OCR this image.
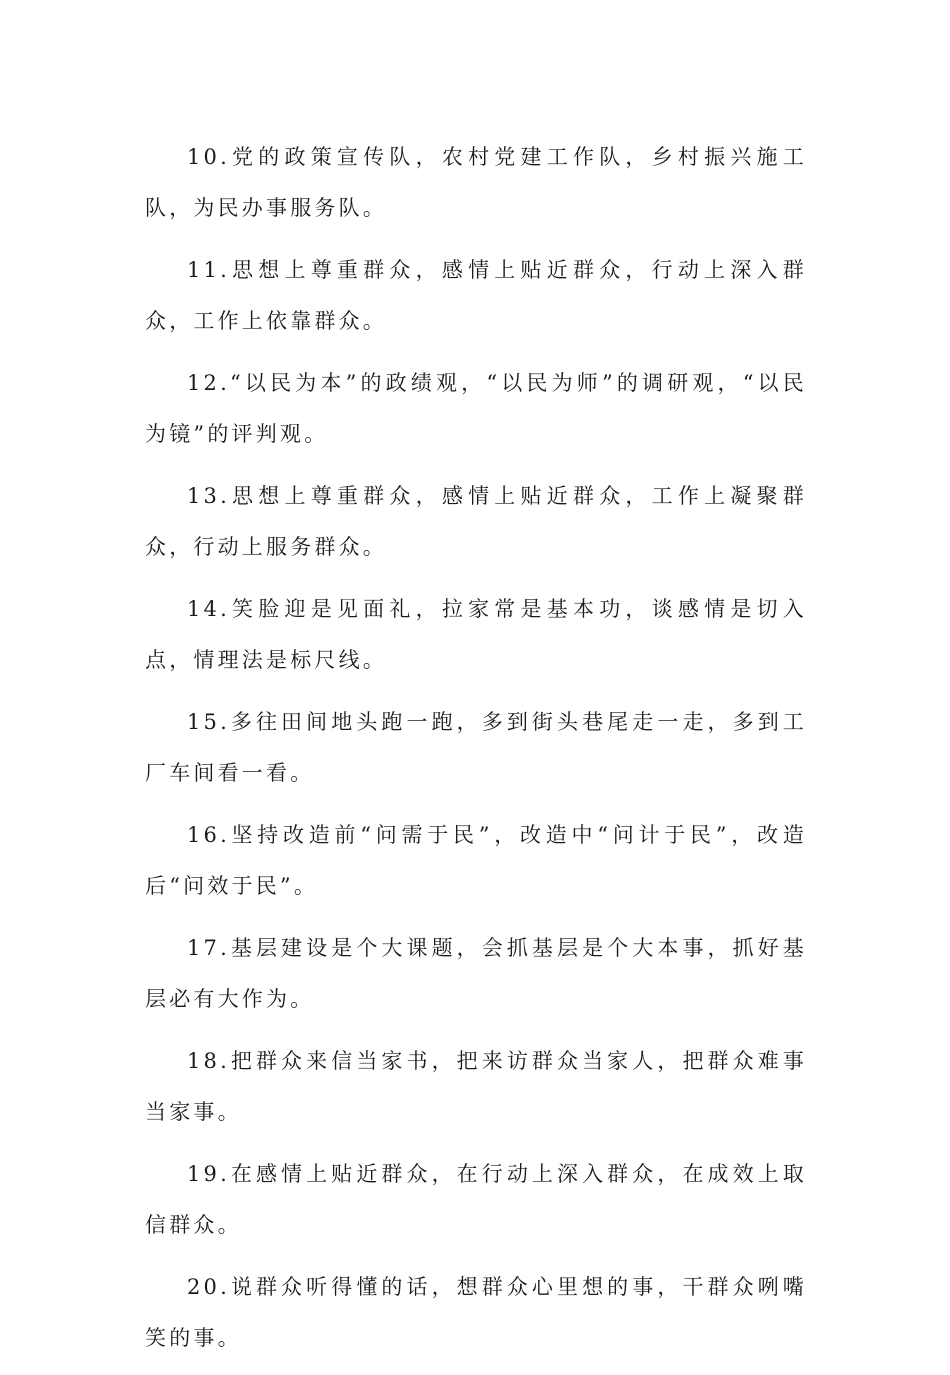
10.党的政策宣传队，农村党建工作队，乡村振兴施工队，为民办事服务队。

11.思想上尊重群众，感情上贴近群众，行动上深入群众，工作上依靠群众。

12.“以民为本”的政绩观，“以民为师”的调研观，“以民为镜”的评判观。

13.思想上尊重群众，感情上贴近群众，工作上凝聚群众，行动上服务群众。

14.笑脸迎是见面礼，拉家常是基本功，谈感情是切入点，情理法是标尺线。

15.多往田间地头跑一跑，多到街头巷尾走一走，多到工厂车间看一看。

16.坚持改造前“问需于民”，改造中“问计于民”，改造后“问效于民”。

17.基层建设是个大课题，会抓基层是个大本事，抓好基层必有大作为。

18.把群众来信当家书，把来访群众当家人，把群众难事当家事。

19.在感情上贴近群众，在行动上深入群众，在成效上取信群众。

20.说群众听得懂的话，想群众心里想的事，干群众咧嘴笑的事。
